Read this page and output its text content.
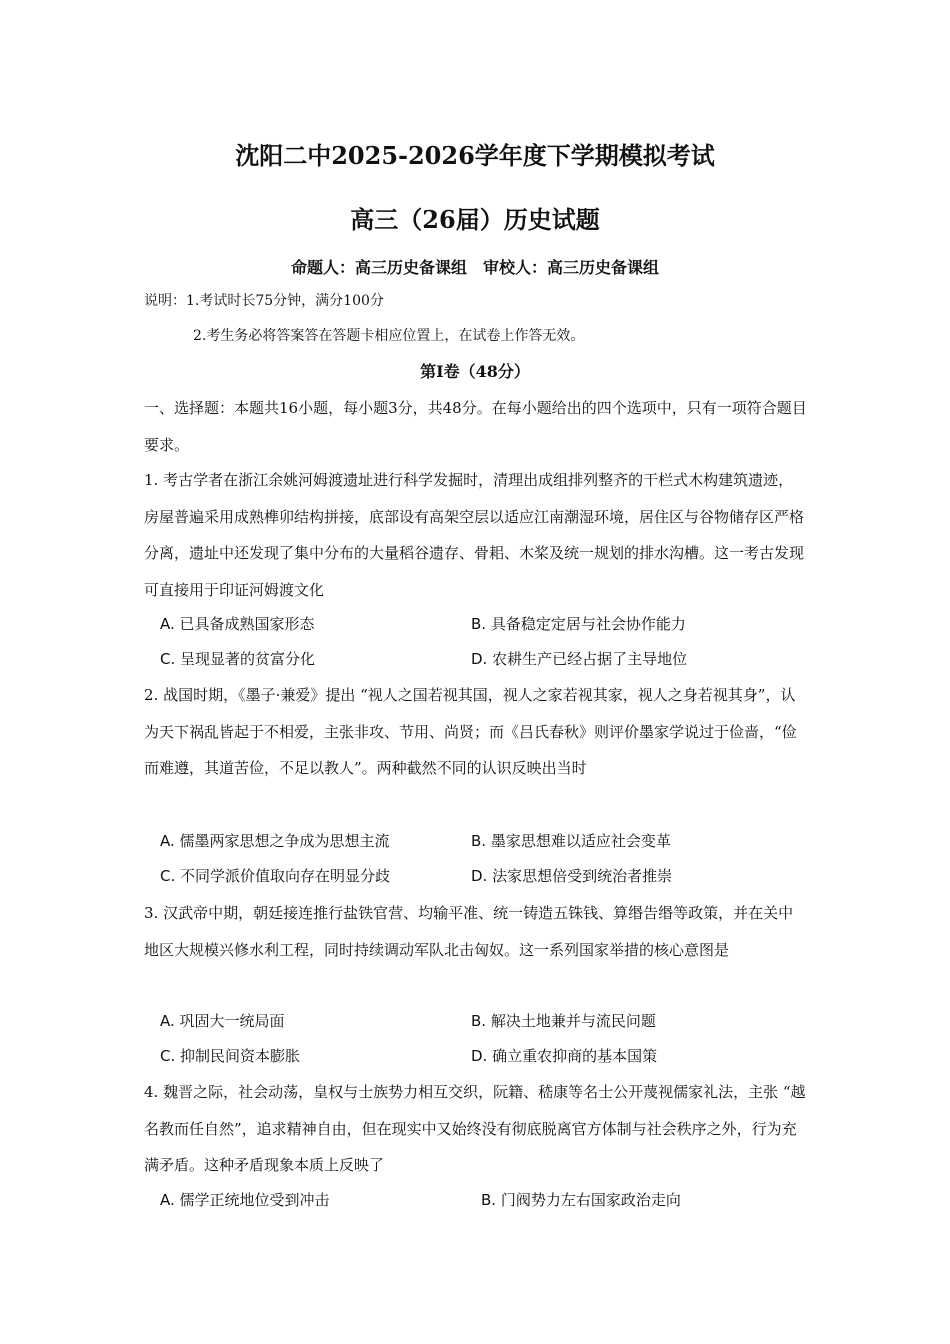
沈阳二中2025-2026学年度下学期模拟考试
高三（26届）历史试题
命题人：高三历史备课组　审校人：高三历史备课组
说明：1.考试时长75分钟，满分100分
2.考生务必将答案答在答题卡相应位置上，在试卷上作答无效。
第Ⅰ卷（48分）
一、选择题：本题共16小题，每小题3分，共48分。在每小题给出的四个选项中，只有一项符合题目要求。
1. 考古学者在浙江余姚河姆渡遗址进行科学发掘时，清理出成组排列整齐的干栏式木构建筑遗迹，房屋普遍采用成熟榫卯结构拼接，底部设有高架空层以适应江南潮湿环境，居住区与谷物储存区严格分离，遗址中还发现了集中分布的大量稻谷遗存、骨耜、木桨及统一规划的排水沟槽。这一考古发现可直接用于印证河姆渡文化
A. 已具备成熟国家形态	B. 具备稳定定居与社会协作能力
C. 呈现显著的贫富分化	D. 农耕生产已经占据了主导地位
2. 战国时期，《墨子·兼爱》提出 “视人之国若视其国，视人之家若视其家，视人之身若视其身”，认为天下祸乱皆起于不相爱，主张非攻、节用、尚贤；而《吕氏春秋》则评价墨家学说过于俭啬，“俭而难遵，其道苦俭，不足以教人”。两种截然不同的认识反映出当时
A. 儒墨两家思想之争成为思想主流	B. 墨家思想难以适应社会变革
C. 不同学派价值取向存在明显分歧	D. 法家思想倍受到统治者推崇
3. 汉武帝中期，朝廷接连推行盐铁官营、均输平准、统一铸造五铢钱、算缗告缗等政策，并在关中地区大规模兴修水利工程，同时持续调动军队北击匈奴。这一系列国家举措的核心意图是
A. 巩固大一统局面	B. 解决土地兼并与流民问题
C. 抑制民间资本膨胀	D. 确立重农抑商的基本国策
4. 魏晋之际，社会动荡，皇权与士族势力相互交织，阮籍、嵇康等名士公开蔑视儒家礼法，主张 “越名教而任自然”，追求精神自由，但在现实中又始终没有彻底脱离官方体制与社会秩序之外，行为充满矛盾。这种矛盾现象本质上反映了
A. 儒学正统地位受到冲击	B. 门阀势力左右国家政治走向
